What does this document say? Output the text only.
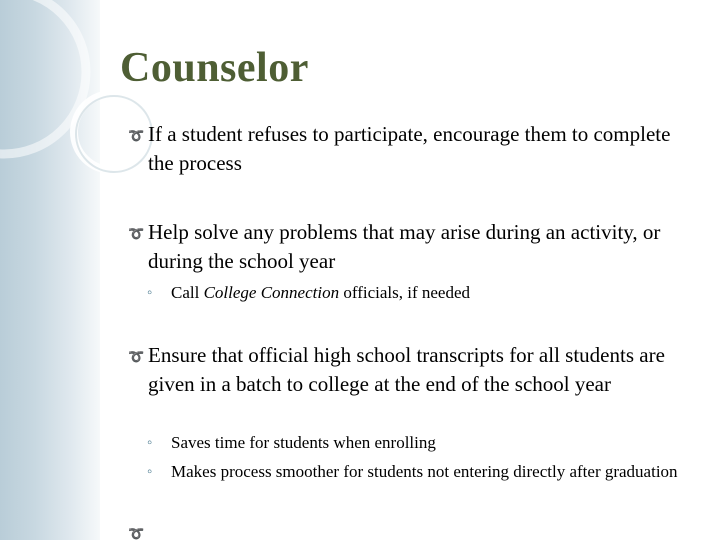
Counselor
➰ If a student refuses to participate, encourage them to complete the process
➰ Help solve any problems that may arise during an activity, or during the school year
◦	Call College Connection officials, if needed
➰ Ensure that official high school transcripts for all students are given in a batch to college at the end of the school year
◦	Saves time for students when enrolling
◦	Makes process smoother for students not entering directly after graduation
➰
